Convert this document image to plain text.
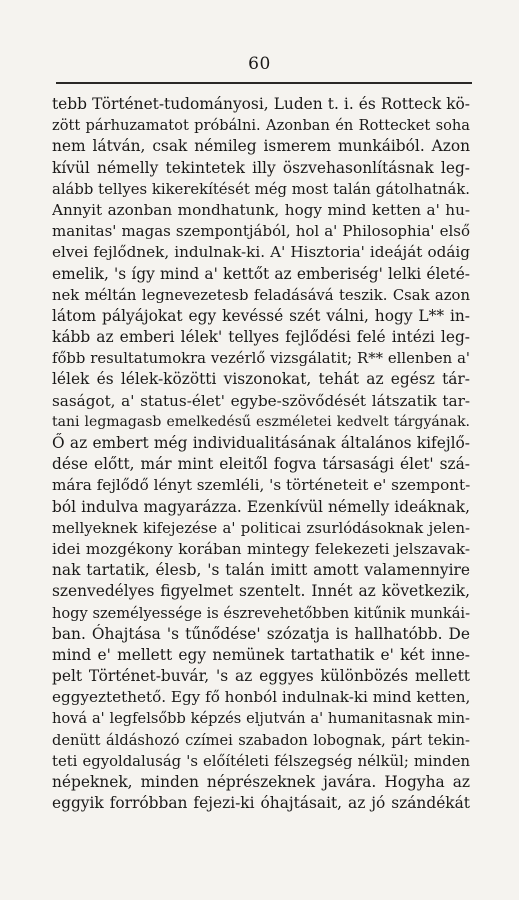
60
tebb Történet-tudományosi, Luden t. i. és Rotteck kö-
zött párhuzamatot próbálni. Azonban én Rottecket soha
nem látván, csak némileg ismerem munkáiból. Azon
kívül némelly tekintetek illy öszvehasonlításnak leg-
alább tellyes kikerekítését még most talán gátolhatnák.
Annyit azonban mondhatunk, hogy mind ketten a' hu-
manitas' magas szempontjából, hol a' Philosophia' első
elvei fejlődnek, indulnak-ki. A' Hisztoria' ideáját odáig
emelik, 's így mind a' kettőt az emberiség' lelki életé-
nek méltán legnevezetesb feladásává teszik. Csak azon
látom pályájokat egy kevéssé szét válni, hogy L** in-
kább az emberi lélek' tellyes fejlődési felé intézi leg-
főbb resultatumokra vezérlő vizsgálatit; R** ellenben a'
lélek és lélek-közötti viszonokat, tehát az egész tár-
saságot, a' status-élet' egybe-szövődését látszatik tar-
tani legmagasb emelkedésű eszméletei kedvelt tárgyának.
Ő az embert még individualitásának általános kifejlő-
dése előtt, már mint eleitől fogva társasági élet' szá-
mára fejlődő lényt szemléli, 's történeteit e' szempont-
ból indulva magyarázza. Ezenkívül némelly ideáknak,
mellyeknek kifejezése a' politicai zsurlódásoknak jelen-
idei mozgékony korában mintegy felekezeti jelszavak-
nak tartatik, élesb, 's talán imitt amott valamennyire
szenvedélyes figyelmet szentelt. Innét az következik,
hogy személyessége is észrevehetőbben kitűnik munkái-
ban. Óhajtása 's tűnődése' szózatja is hallhatóbb. De
mind e' mellett egy nemünek tartathatik e' két inne-
pelt Történet-buvár, 's az eggyes különbözés mellett
eggyeztethető. Egy fő honból indulnak-ki mind ketten,
hová a' legfelsőbb képzés eljutván a' humanitasnak min-
denütt áldáshozó czímei szabadon lobognak, párt tekin-
teti egyoldaluság 's előítéleti félszegség nélkül; minden
népeknek, minden néprészeknek javára. Hogyha az
eggyik forróbban fejezi-ki óhajtásait, az jó szándékát
